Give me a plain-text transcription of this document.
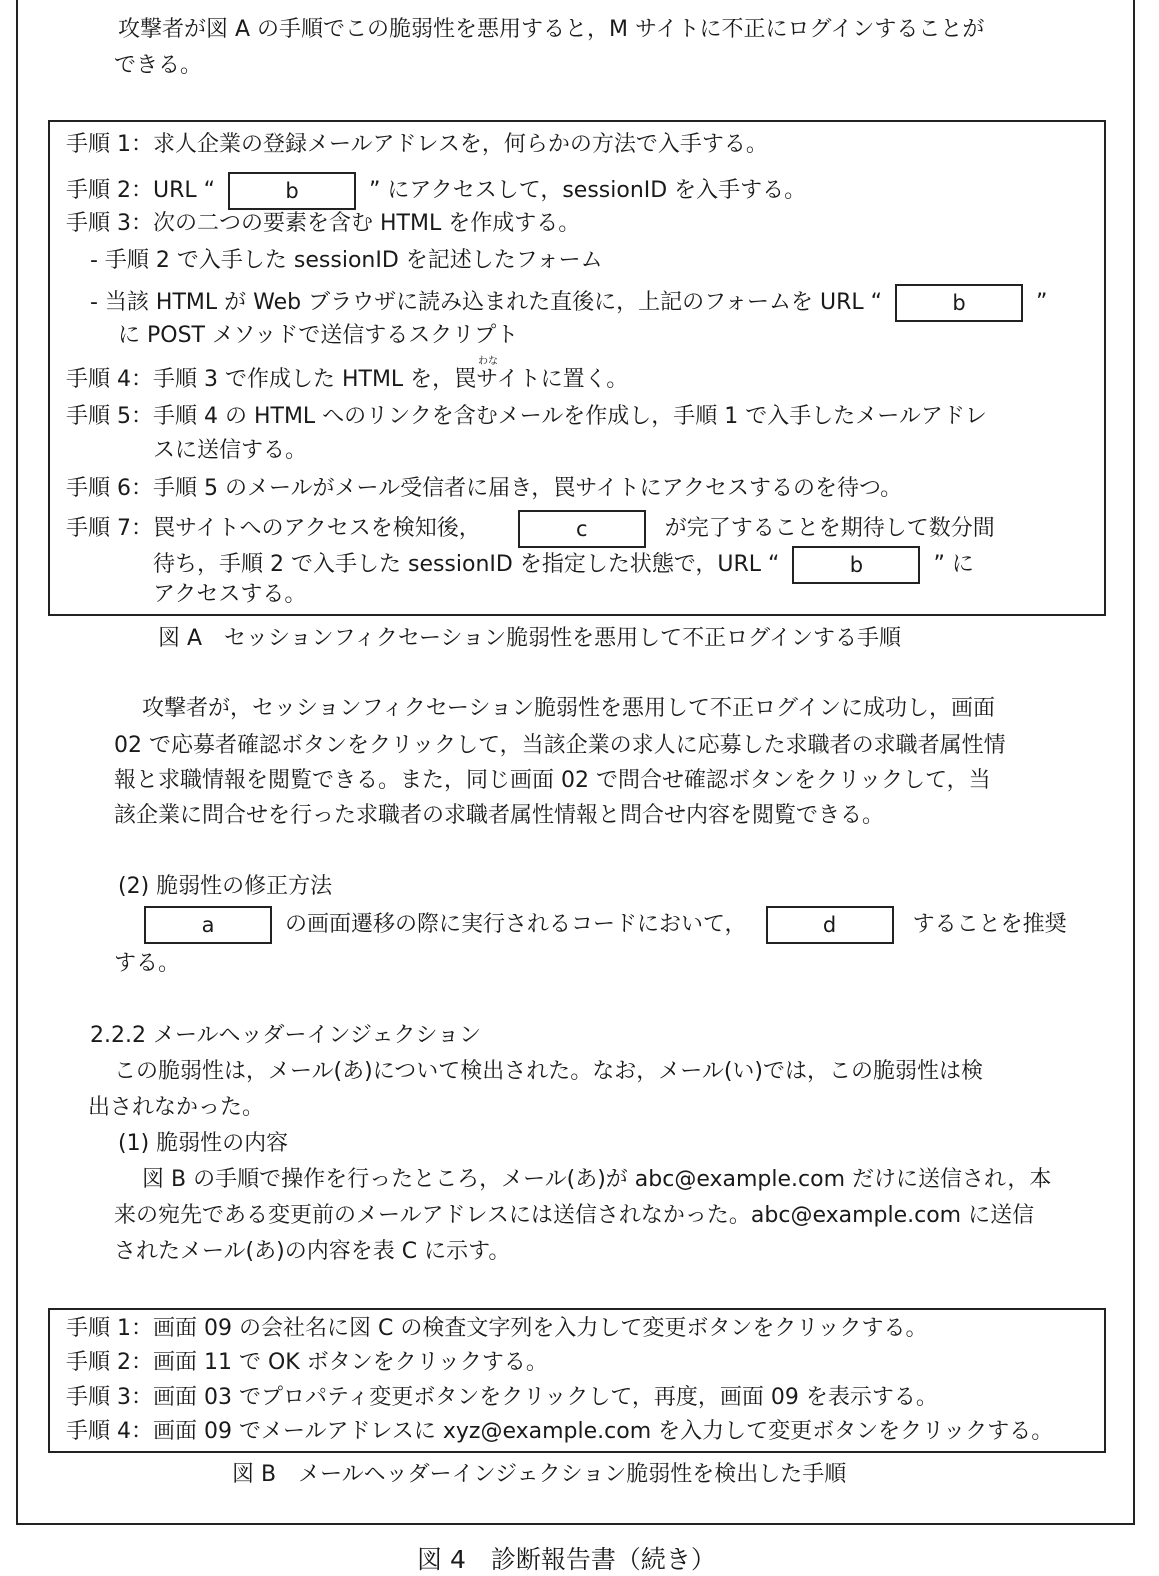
攻撃者が図 A の手順でこの脆弱性を悪用すると，M サイトに不正にログインすることが
できる。
手順 1：求人企業の登録メールアドレスを，何らかの方法で入手する。
手順 2：URL “	b	” にアクセスして，sessionID を入手する。
手順 3：次の二つの要素を含む HTML を作成する。
- 手順 2 で入手した sessionID を記述したフォーム
- 当該 HTML が Web ブラウザに読み込まれた直後に，上記のフォームを URL “	b	”
に POST メソッドで送信するスクリプト
わな
手順 4：手順 3 で作成した HTML を，罠サイトに置く。
手順 5：手順 4 の HTML へのリンクを含むメールを作成し，手順 1 で入手したメールアドレ
スに送信する。
手順 6：手順 5 のメールがメール受信者に届き，罠サイトにアクセスするのを待つ。
手順 7：罠サイトへのアクセスを検知後，	c	が完了することを期待して数分間
待ち，手順 2 で入手した sessionID を指定した状態で，URL “	b	” に
アクセスする。
図 A　セッションフィクセーション脆弱性を悪用して不正ログインする手順
攻撃者が，セッションフィクセーション脆弱性を悪用して不正ログインに成功し，画面
02 で応募者確認ボタンをクリックして，当該企業の求人に応募した求職者の求職者属性情
報と求職情報を閲覧できる。また，同じ画面 02 で問合せ確認ボタンをクリックして，当
該企業に問合せを行った求職者の求職者属性情報と問合せ内容を閲覧できる。
(2) 脆弱性の修正方法
a	の画面遷移の際に実行されるコードにおいて，	d	することを推奨
する。
2.2.2 メールヘッダーインジェクション
この脆弱性は，メール(あ)について検出された。なお，メール(い)では，この脆弱性は検
出されなかった。
(1) 脆弱性の内容
図 B の手順で操作を行ったところ，メール(あ)が abc@example.com だけに送信され，本
来の宛先である変更前のメールアドレスには送信されなかった。abc@example.com に送信
されたメール(あ)の内容を表 C に示す。
手順 1：画面 09 の会社名に図 C の検査文字列を入力して変更ボタンをクリックする。
手順 2：画面 11 で OK ボタンをクリックする。
手順 3：画面 03 でプロパティ変更ボタンをクリックして，再度，画面 09 を表示する。
手順 4：画面 09 でメールアドレスに xyz@example.com を入力して変更ボタンをクリックする。
図 B　メールヘッダーインジェクション脆弱性を検出した手順
図 4　診断報告書（続き）
